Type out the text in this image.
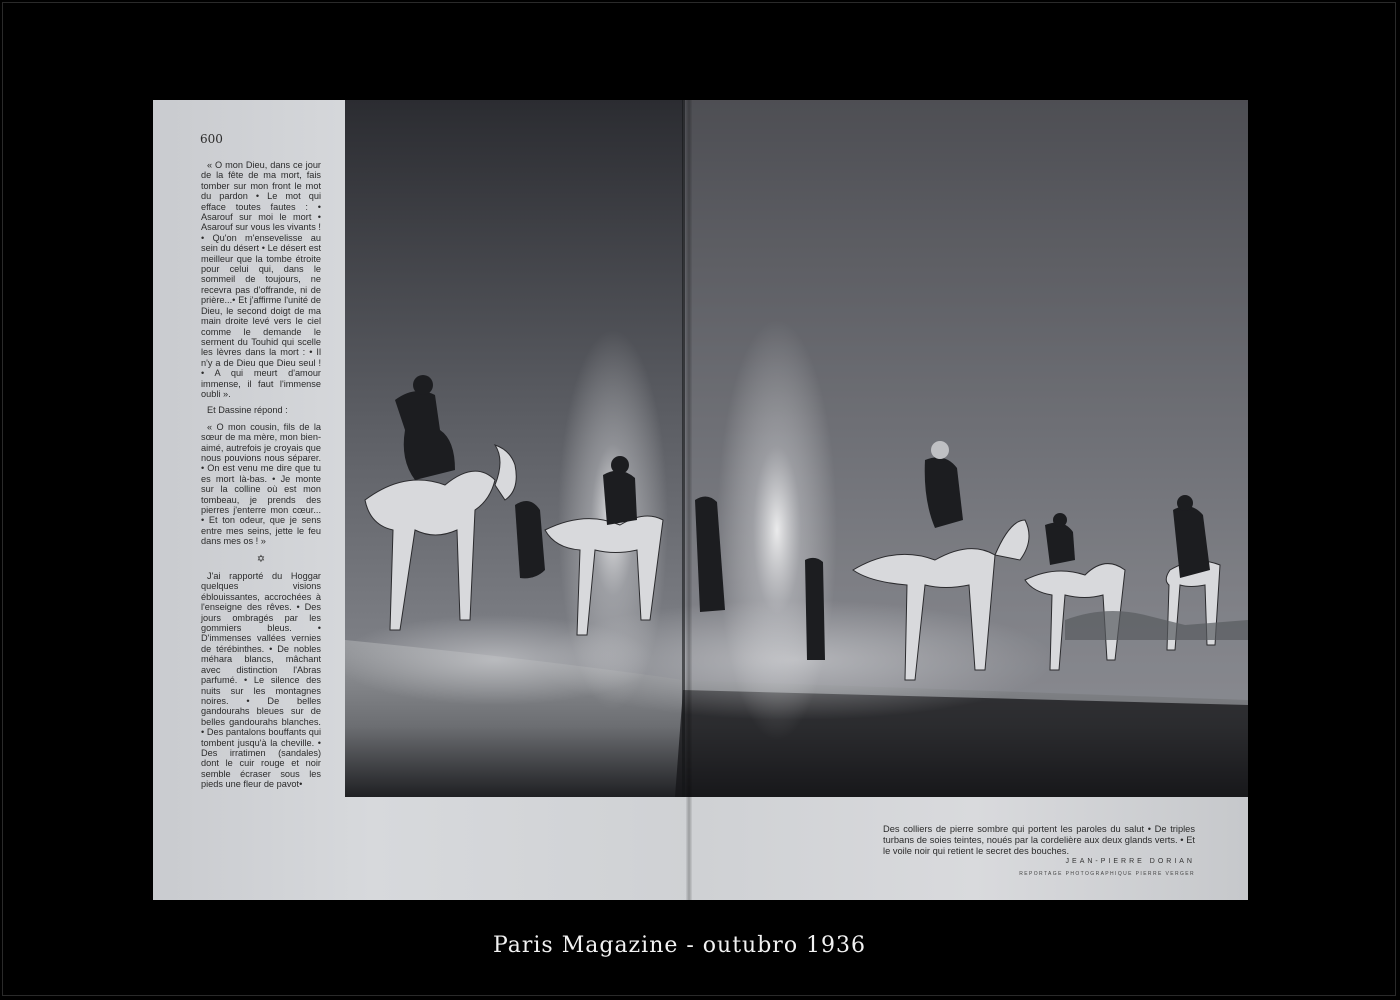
600

« O mon Dieu, dans ce jour de la fête de ma mort, fais tomber sur mon front le mot du pardon • Le mot qui efface toutes fautes : • Asarouf sur moi le mort • Asarouf sur vous les vivants ! • Qu'on m'ensevelisse au sein du désert • Le désert est meilleur que la tombe étroite pour celui qui, dans le sommeil de toujours, ne recevra pas d'offrande, ni de prière...• Et j'affirme l'unité de Dieu, le second doigt de ma main droite levé vers le ciel comme le demande le serment du Touhid qui scelle les lèvres dans la mort : • Il n'y a de Dieu que Dieu seul ! • A qui meurt d'amour immense, il faut l'immense oubli ».

Et Dassine répond :

« O mon cousin, fils de la sœur de ma mère, mon bien-aimé, autrefois je croyais que nous pouvions nous séparer. • On est venu me dire que tu es mort là-bas. • Je monte sur la colline où est mon tombeau, je prends des pierres j'enterre mon cœur... • Et ton odeur, que je sens entre mes seins, jette le feu dans mes os ! »

✡

J'ai rapporté du Hoggar quelques visions éblouissantes, accrochées à l'enseigne des rêves. • Des jours ombragés par les gommiers bleus. • D'immenses vallées vernies de térébinthes. • De nobles méhara blancs, mâchant avec distinction l'Abras parfumé. • Le silence des nuits sur les montagnes noires. • De belles gandourahs bleues sur de belles gandourahs blanches. • Des pantalons bouffants qui tombent jusqu'à la cheville. • Des irratimen (sandales) dont le cuir rouge et noir semble écraser sous les pieds une fleur de pavot•

Des colliers de pierre sombre qui portent les paroles du salut • De triples turbans de soies teintes, noués par la cordelière aux deux glands verts. • Et le voile noir qui retient le secret des bouches.
JEAN-PIERRE DORIAN
REPORTAGE PHOTOGRAPHIQUE PIERRE VERGER
Paris Magazine - outubro 1936
